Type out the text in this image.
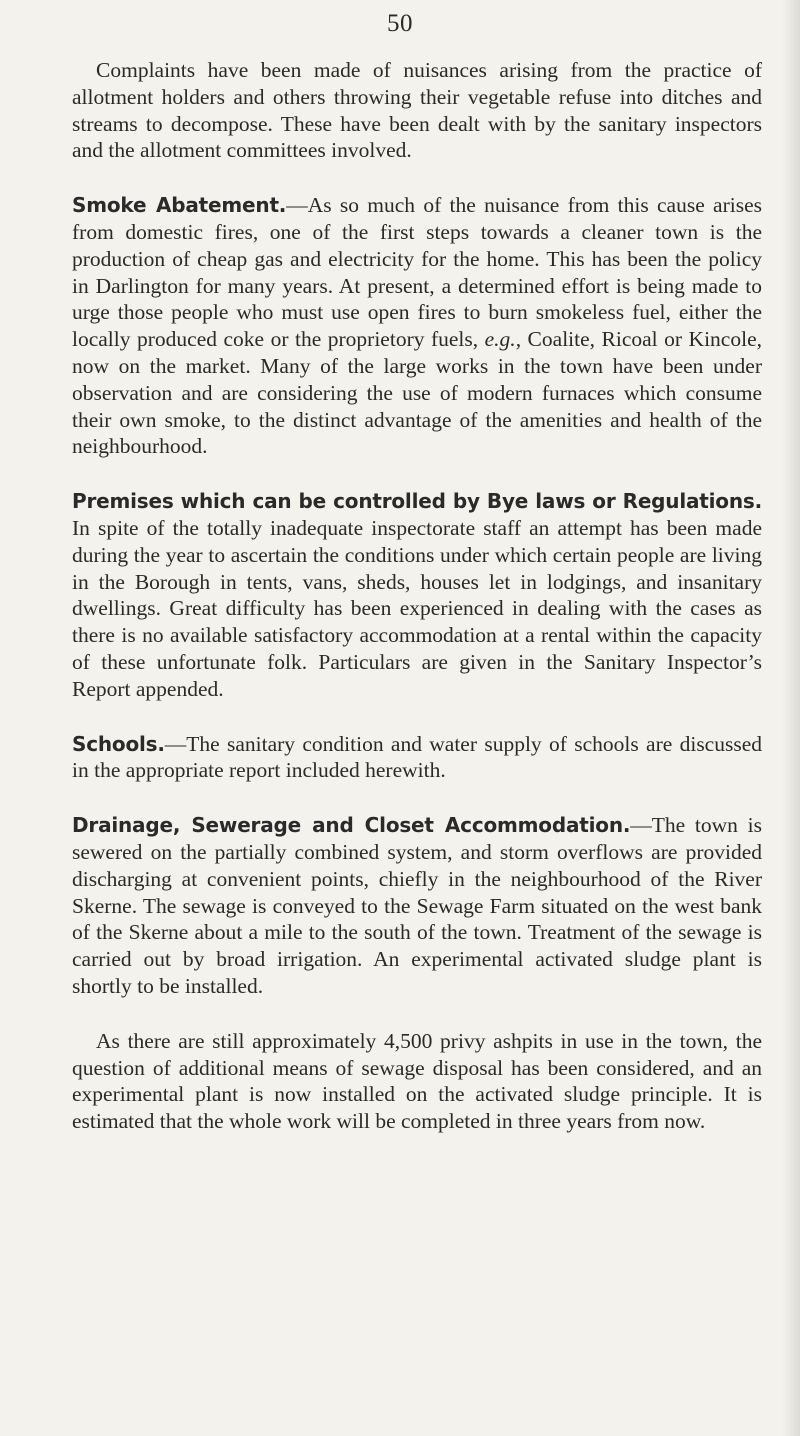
50

Complaints have been made of nuisances arising from the practice of allotment holders and others throwing their vegetable refuse into ditches and streams to decompose. These have been dealt with by the sanitary inspectors and the allotment committees involved.

Smoke Abatement.—As so much of the nuisance from this cause arises from domestic fires, one of the first steps towards a cleaner town is the production of cheap gas and electricity for the home. This has been the policy in Darlington for many years. At present, a determined effort is being made to urge those people who must use open fires to burn smokeless fuel, either the locally produced coke or the proprietory fuels, e.g., Coalite, Ricoal or Kincole, now on the market. Many of the large works in the town have been under observation and are considering the use of modern furnaces which consume their own smoke, to the distinct advantage of the amenities and health of the neighbourhood.

Premises which can be controlled by Bye laws or Regulations. In spite of the totally inadequate inspectorate staff an attempt has been made during the year to ascertain the conditions under which certain people are living in the Borough in tents, vans, sheds, houses let in lodgings, and insanitary dwellings. Great difficulty has been experienced in dealing with the cases as there is no available satisfactory accommodation at a rental within the capacity of these unfortunate folk. Particulars are given in the Sanitary Inspector’s Report appended.

Schools.—The sanitary condition and water supply of schools are discussed in the appropriate report included herewith.

Drainage, Sewerage and Closet Accommodation.—The town is sewered on the partially combined system, and storm overflows are provided discharging at convenient points, chiefly in the neighbourhood of the River Skerne. The sewage is conveyed to the Sewage Farm situated on the west bank of the Skerne about a mile to the south of the town. Treatment of the sewage is carried out by broad irrigation. An experimental activated sludge plant is shortly to be installed.

As there are still approximately 4,500 privy ashpits in use in the town, the question of additional means of sewage disposal has been considered, and an experimental plant is now installed on the activated sludge principle. It is estimated that the whole work will be completed in three years from now.
